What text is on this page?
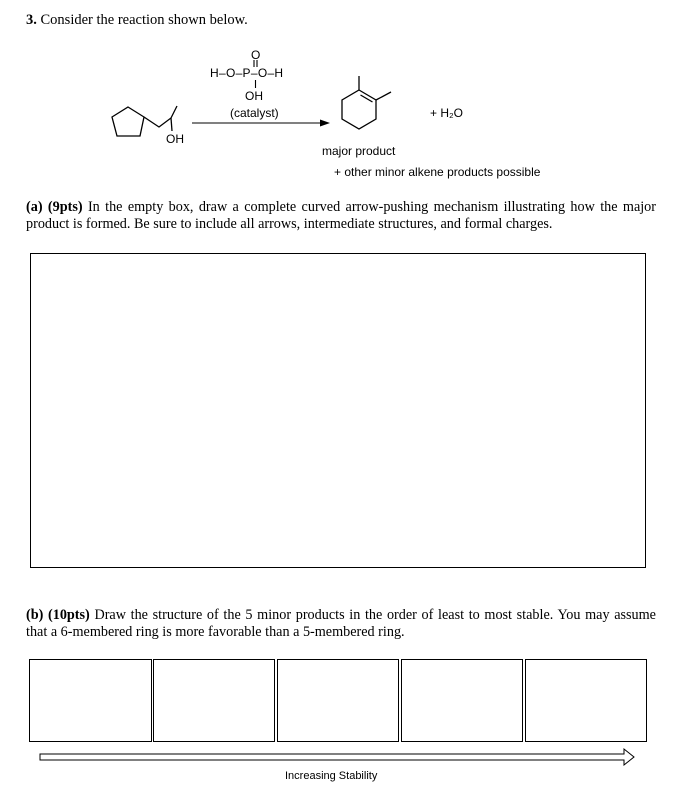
3. Consider the reaction shown below.
O
H–O–P–O–H
OH
(catalyst)
OH
+ H₂O
major product
+ other minor alkene products possible
(a) (9pts) In the empty box, draw a complete curved arrow-pushing mechanism illustrating how the major product is formed. Be sure to include all arrows, intermediate structures, and formal charges.
(b) (10pts) Draw the structure of the 5 minor products in the order of least to most stable. You may assume that a 6-membered ring is more favorable than a 5-membered ring.
Increasing Stability
